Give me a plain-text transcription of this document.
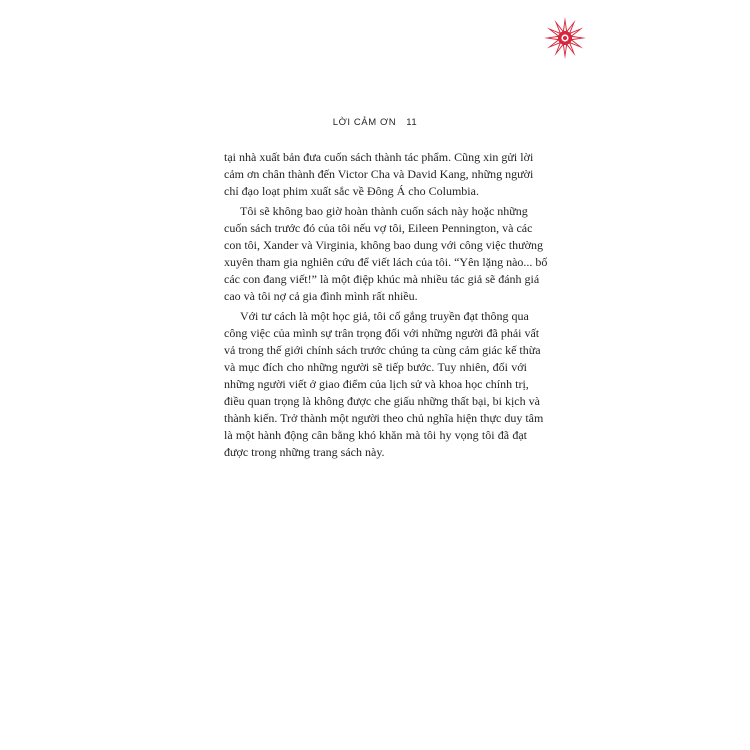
LỜI CẢM ƠN 11
tại nhà xuất bản đưa cuốn sách thành tác phẩm. Cũng xin gửi lời
cảm ơn chân thành đến Victor Cha và David Kang, những người
chỉ đạo loạt phim xuất sắc về Đông Á cho Columbia.
Tôi sẽ không bao giờ hoàn thành cuốn sách này hoặc những
cuốn sách trước đó của tôi nếu vợ tôi, Eileen Pennington, và các
con tôi, Xander và Virginia, không bao dung với công việc thường
xuyên tham gia nghiên cứu để viết lách của tôi. “Yên lặng nào... bố
các con đang viết!” là một điệp khúc mà nhiều tác giả sẽ đánh giá
cao và tôi nợ cả gia đình mình rất nhiều.
Với tư cách là một học giả, tôi cố gắng truyền đạt thông qua
công việc của mình sự trân trọng đối với những người đã phải vất
vả trong thế giới chính sách trước chúng ta cùng cảm giác kế thừa
và mục đích cho những người sẽ tiếp bước. Tuy nhiên, đối với
những người viết ở giao điểm của lịch sử và khoa học chính trị,
điều quan trọng là không được che giấu những thất bại, bi kịch và
thành kiến. Trở thành một người theo chủ nghĩa hiện thực duy tâm
là một hành động cân bằng khó khăn mà tôi hy vọng tôi đã đạt
được trong những trang sách này.
